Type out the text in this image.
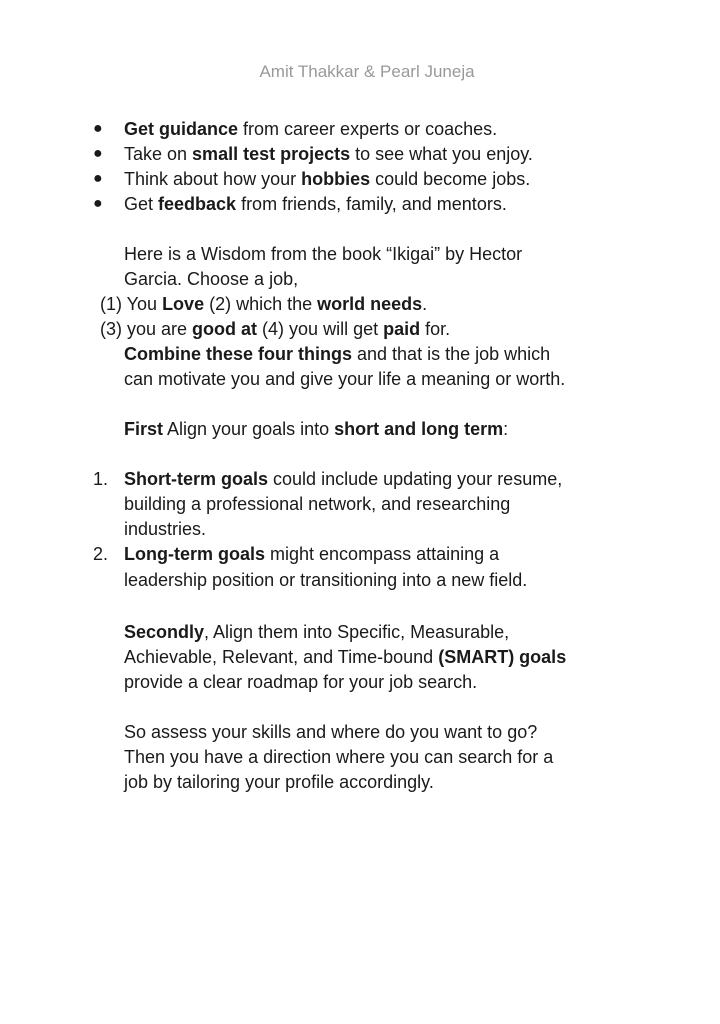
Amit Thakkar & Pearl Juneja
● Get guidance from career experts or coaches.
● Take on small test projects to see what you enjoy.
● Think about how your hobbies could become jobs.
● Get feedback from friends, family, and mentors.
Here is a Wisdom from the book “Ikigai” by Hector
Garcia. Choose a job,
(1) You Love (2) which the world needs.
(3) you are good at (4) you will get paid for.
Combine these four things and that is the job which
can motivate you and give your life a meaning or worth.
First Align your goals into short and long term:
1. Short-term goals could include updating your resume,
building a professional network, and researching
industries.
2. Long-term goals might encompass attaining a
leadership position or transitioning into a new field.
Secondly, Align them into Specific, Measurable,
Achievable, Relevant, and Time-bound (SMART) goals
provide a clear roadmap for your job search.
So assess your skills and where do you want to go?
Then you have a direction where you can search for a
job by tailoring your profile accordingly.
